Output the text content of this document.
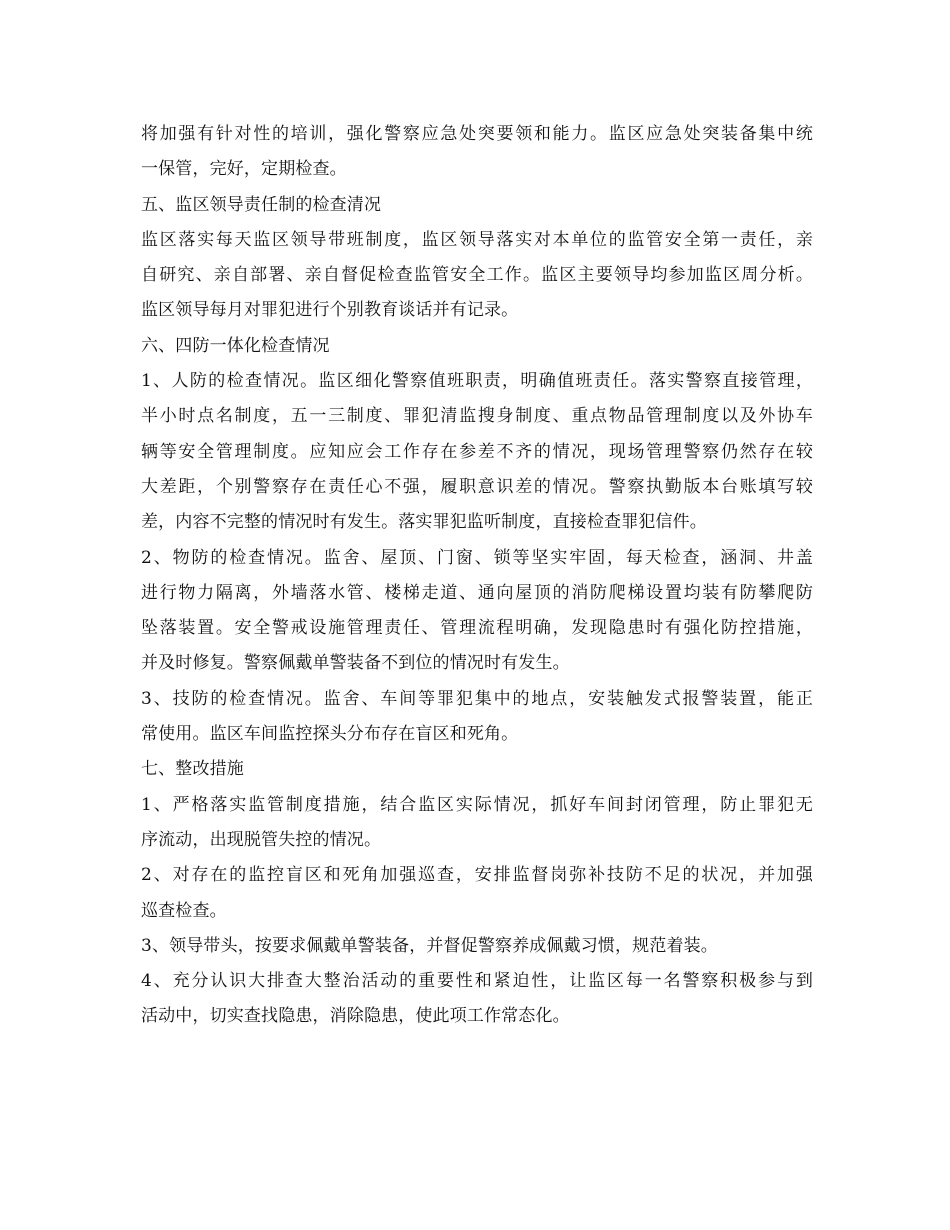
将加强有针对性的培训，强化警察应急处突要领和能力。监区应急处突装备集中统
一保管，完好，定期检查。
五、监区领导责任制的检查清况
监区落实每天监区领导带班制度，监区领导落实对本单位的监管安全第一责任，亲
自研究、亲自部署、亲自督促检查监管安全工作。监区主要领导均参加监区周分析。
监区领导每月对罪犯进行个别教育谈话并有记录。
六、四防一体化检查情况
1、人防的检查情况。监区细化警察值班职责，明确值班责任。落实警察直接管理，
半小时点名制度，五一三制度、罪犯清监搜身制度、重点物品管理制度以及外协车
辆等安全管理制度。应知应会工作存在参差不齐的情况，现场管理警察仍然存在较
大差距，个别警察存在责任心不强，履职意识差的情况。警察执勤版本台账填写较
差，内容不完整的情况时有发生。落实罪犯监听制度，直接检查罪犯信件。
2、物防的检查情况。监舍、屋顶、门窗、锁等坚实牢固，每天检查，涵洞、井盖
进行物力隔离，外墙落水管、楼梯走道、通向屋顶的消防爬梯设置均装有防攀爬防
坠落装置。安全警戒设施管理责任、管理流程明确，发现隐患时有强化防控措施，
并及时修复。警察佩戴单警装备不到位的情况时有发生。
3、技防的检查情况。监舍、车间等罪犯集中的地点，安装触发式报警装置，能正
常使用。监区车间监控探头分布存在盲区和死角。
七、整改措施
1、严格落实监管制度措施，结合监区实际情况，抓好车间封闭管理，防止罪犯无
序流动，出现脱管失控的情况。
2、对存在的监控盲区和死角加强巡查，安排监督岗弥补技防不足的状况，并加强
巡查检查。
3、领导带头，按要求佩戴单警装备，并督促警察养成佩戴习惯，规范着装。
4、充分认识大排查大整治活动的重要性和紧迫性，让监区每一名警察积极参与到
活动中，切实查找隐患，消除隐患，使此项工作常态化。
